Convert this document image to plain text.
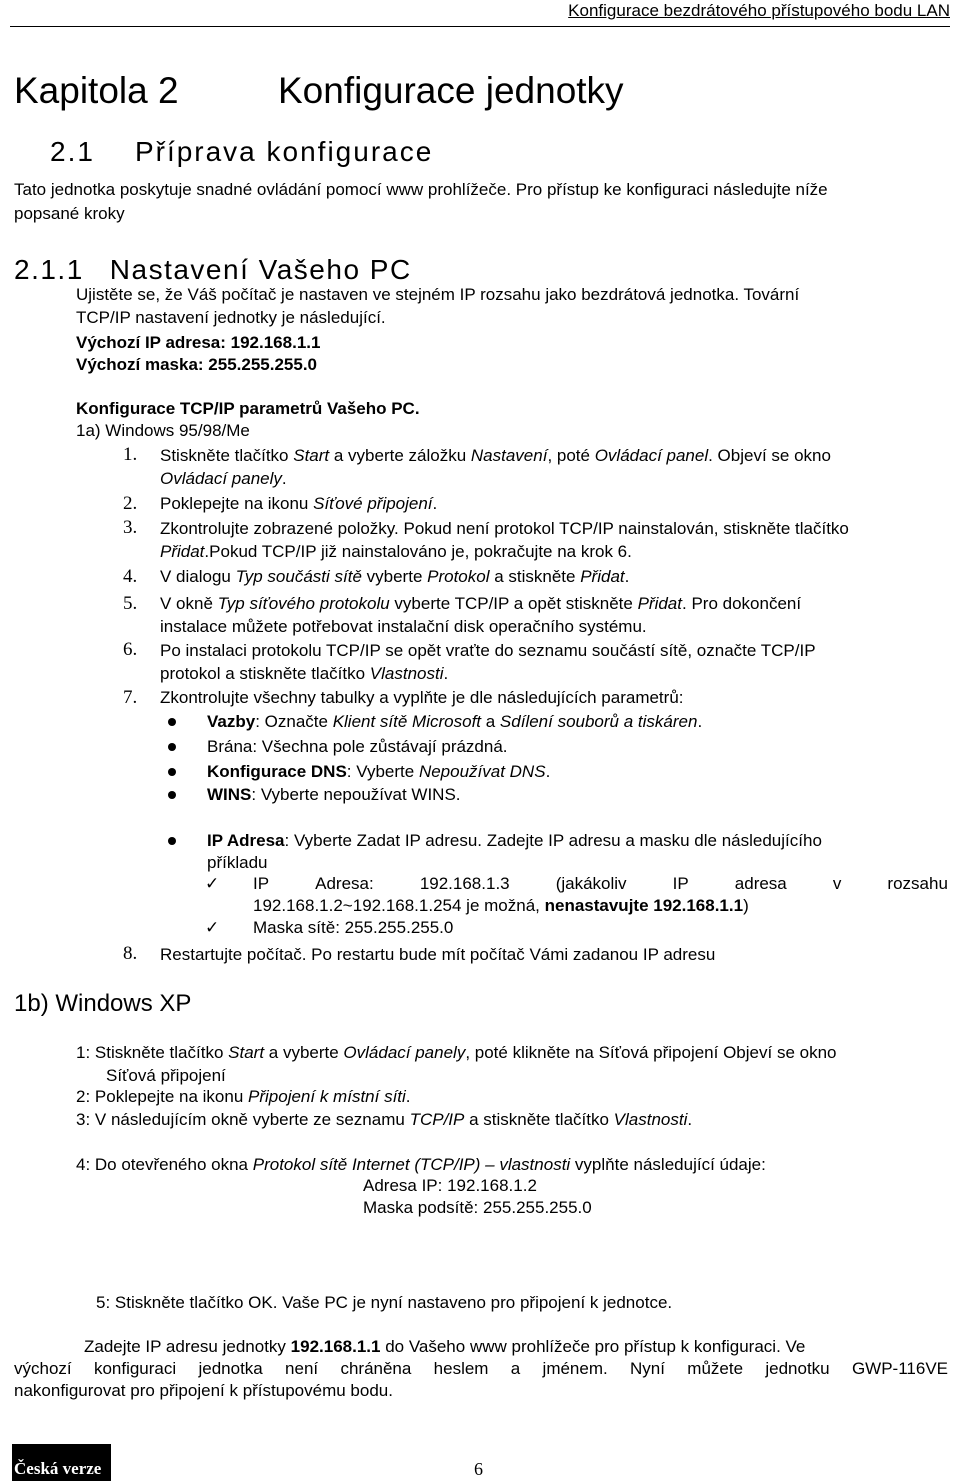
Konfigurace bezdrátového přístupového bodu LAN
Kapitola 2	Konfigurace jednotky
2.1 Příprava konfigurace
Tato jednotka poskytuje snadné ovládání pomocí www prohlížeče. Pro přístup ke konfiguraci následujte níže
popsané kroky
2.1.1 Nastavení Vašeho PC
Ujistěte se, že Váš počítač je nastaven ve stejném IP rozsahu jako bezdrátová jednotka. Tovární
TCP/IP nastavení jednotky je následující.
Výchozí IP adresa: 192.168.1.1
Výchozí maska: 255.255.255.0
Konfigurace TCP/IP parametrů Vašeho PC.
1a) Windows 95/98/Me
1. Stiskněte tlačítko Start a vyberte záložku Nastavení, poté Ovládací panel. Objeví se okno
Ovládací panely.
2. Poklepejte na ikonu Síťové připojení.
3. Zkontrolujte zobrazené položky. Pokud není protokol TCP/IP nainstalován, stiskněte tlačítko
Přidat.Pokud TCP/IP již nainstalováno je, pokračujte na krok 6.
4. V dialogu Typ součásti sítě vyberte Protokol a stiskněte Přidat.
5. V okně Typ síťového protokolu vyberte TCP/IP a opět stiskněte Přidat. Pro dokončení
instalace můžete potřebovat instalační disk operačního systému.
6. Po instalaci protokolu TCP/IP se opět vraťte do seznamu součástí sítě, označte TCP/IP
protokol a stiskněte tlačítko Vlastnosti.
7. Zkontrolujte všechny tabulky a vyplňte je dle následujících parametrů:
Vazby: Označte Klient sítě Microsoft a Sdílení souborů a tiskáren.
Brána: Všechna pole zůstávají prázdná.
Konfigurace DNS: Vyberte Nepoužívat DNS.
WINS: Vyberte nepoužívat WINS.
IP Adresa: Vyberte Zadat IP adresu. Zadejte IP adresu a masku dle následujícího
příkladu
✓ IP	Adresa:	192.168.1.3	(jakákoliv	IP	adresa	v	rozsahu
192.168.1.2~192.168.1.254 je možná, nenastavujte 192.168.1.1)
✓ Maska sítě: 255.255.255.0
8. Restartujte počítač. Po restartu bude mít počítač Vámi zadanou IP adresu
1b) Windows XP
1: Stiskněte tlačítko Start a vyberte Ovládací panely, poté klikněte na Síťová připojení Objeví se okno
Síťová připojení
2: Poklepejte na ikonu Připojení k místní síti.
3: V následujícím okně vyberte ze seznamu TCP/IP a stiskněte tlačítko Vlastnosti.
4: Do otevřeného okna Protokol sítě Internet (TCP/IP) – vlastnosti vyplňte následující údaje:
Adresa IP: 192.168.1.2
Maska podsítě: 255.255.255.0
5: Stiskněte tlačítko OK. Vaše PC je nyní nastaveno pro připojení k jednotce.
Zadejte IP adresu jednotky 192.168.1.1 do Vašeho www prohlížeče pro přístup k konfiguraci. Ve
výchozí konfiguraci jednotka není chráněna heslem a jménem. Nyní můžete jednotku GWP-116VE
nakonfigurovat pro připojení k přístupovému bodu.
Česká verze	6
